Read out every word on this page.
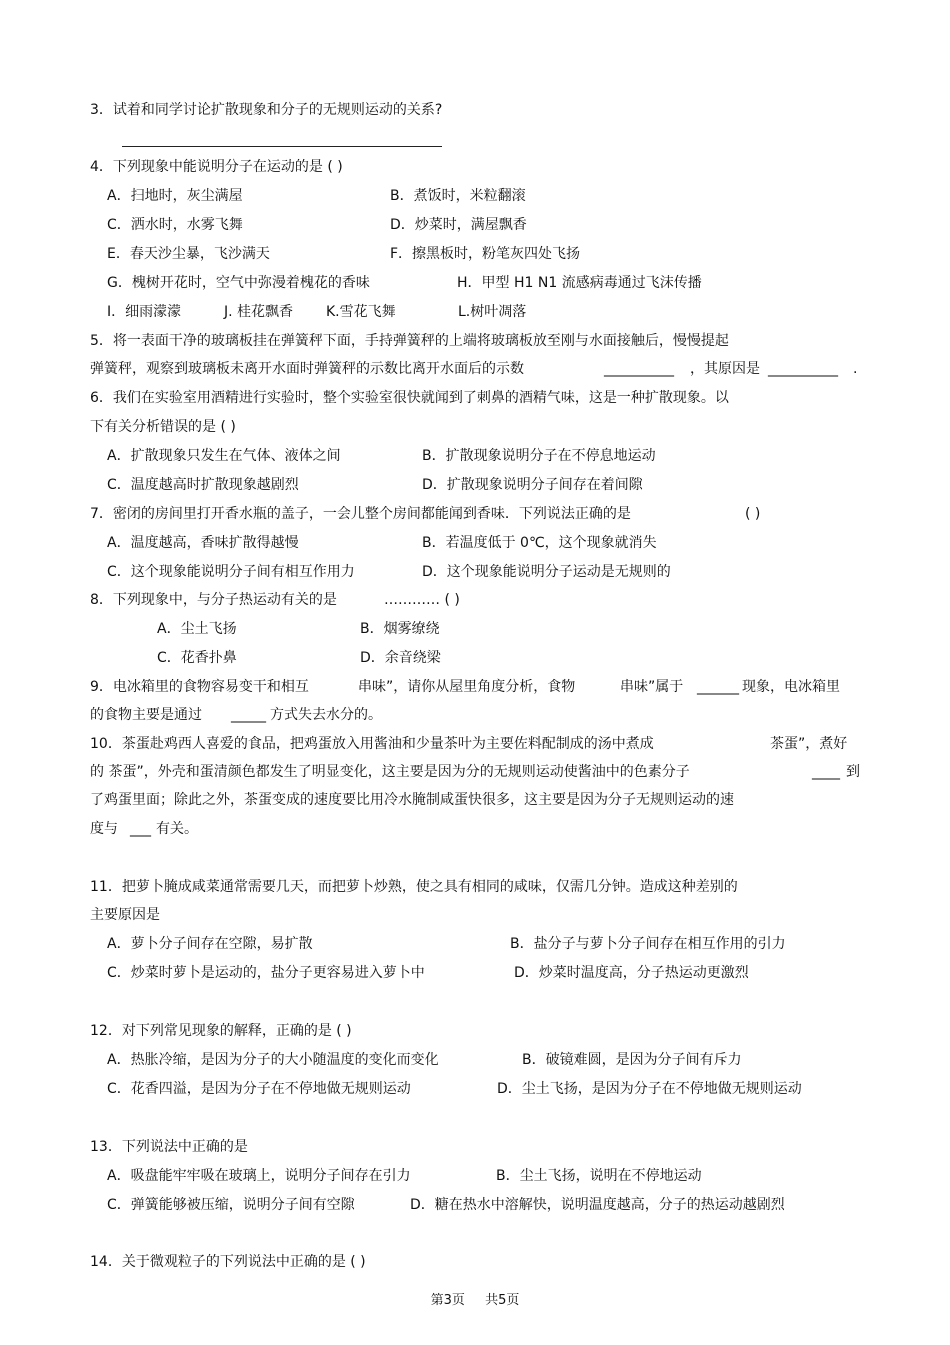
3．试着和同学讨论扩散现象和分子的无规则运动的关系?
4．下列现象中能说明分子在运动的是 ( )
A．扫地时，灰尘满屋	B．煮饭时，米粒翻滚
C．洒水时，水雾飞舞	D．炒菜时，满屋飘香
E．春天沙尘暴，飞沙满天	F．擦黑板时，粉笔灰四处飞扬
G．槐树开花时，空气中弥漫着槐花的香味	H．甲型 H1 N1 流感病毒通过飞沫传播
I．细雨濛濛	J. 桂花飘香 K.雪花飞舞	L.树叶凋落
5．将一表面干净的玻璃板挂在弹簧秤下面，手持弹簧秤的上端将玻璃板放至刚与水面接触后，慢慢提起
弹簧秤，观察到玻璃板未离开水面时弹簧秤的示数比离开水面后的示数	__________ ，其原因是 __________ .
6．我们在实验室用酒精进行实验时，整个实验室很快就闻到了刺鼻的酒精气味，这是一种扩散现象。以
下有关分析错误的是 ( )
A．扩散现象只发生在气体、液体之间	B．扩散现象说明分子在不停息地运动
C．温度越高时扩散现象越剧烈	D．扩散现象说明分子间存在着间隙
7．密闭的房间里打开香水瓶的盖子，一会儿整个房间都能闻到香味．下列说法正确的是	( )
A．温度越高，香味扩散得越慢	B．若温度低于 0℃，这个现象就消失
C．这个现象能说明分子间有相互作用力	D．这个现象能说明分子运动是无规则的
8．下列现象中，与分子热运动有关的是	………… ( )
A．尘土飞扬	B．烟雾缭绕
C．花香扑鼻	D．余音绕梁
9．电冰箱里的食物容易变干和相互	串味”，请你从屋里角度分析，食物	串味”属于 ______ 现象，电冰箱里
的食物主要是通过 _____ 方式失去水分的。
10．茶蛋赴鸡西人喜爱的食品，把鸡蛋放入用酱油和少量茶叶为主要佐料配制成的汤中煮成	茶蛋”，煮好
的 茶蛋”，外壳和蛋清颜色都发生了明显变化，这主要是因为分的无规则运动使酱油中的色素分子	____ 到
了鸡蛋里面；除此之外，茶蛋变成的速度要比用冷水腌制咸蛋快很多，这主要是因为分子无规则运动的速
度与 ___ 有关。
11．把萝卜腌成咸菜通常需要几天，而把萝卜炒熟，使之具有相同的咸味，仅需几分钟。造成这种差别的
主要原因是
A．萝卜分子间存在空隙，易扩散	B．盐分子与萝卜分子间存在相互作用的引力
C．炒菜时萝卜是运动的，盐分子更容易进入萝卜中	D．炒菜时温度高，分子热运动更激烈
12．对下列常见现象的解释，正确的是 ( )
A．热胀冷缩，是因为分子的大小随温度的变化而变化	B．破镜难圆，是因为分子间有斥力
C．花香四溢，是因为分子在不停地做无规则运动	D．尘土飞扬，是因为分子在不停地做无规则运动
13．下列说法中正确的是
A．吸盘能牢牢吸在玻璃上，说明分子间存在引力	B．尘土飞扬，说明在不停地运动
C．弹簧能够被压缩，说明分子间有空隙	D．糖在热水中溶解快，说明温度越高，分子的热运动越剧烈
14．关于微观粒子的下列说法中正确的是 ( )
第3页 共5页
